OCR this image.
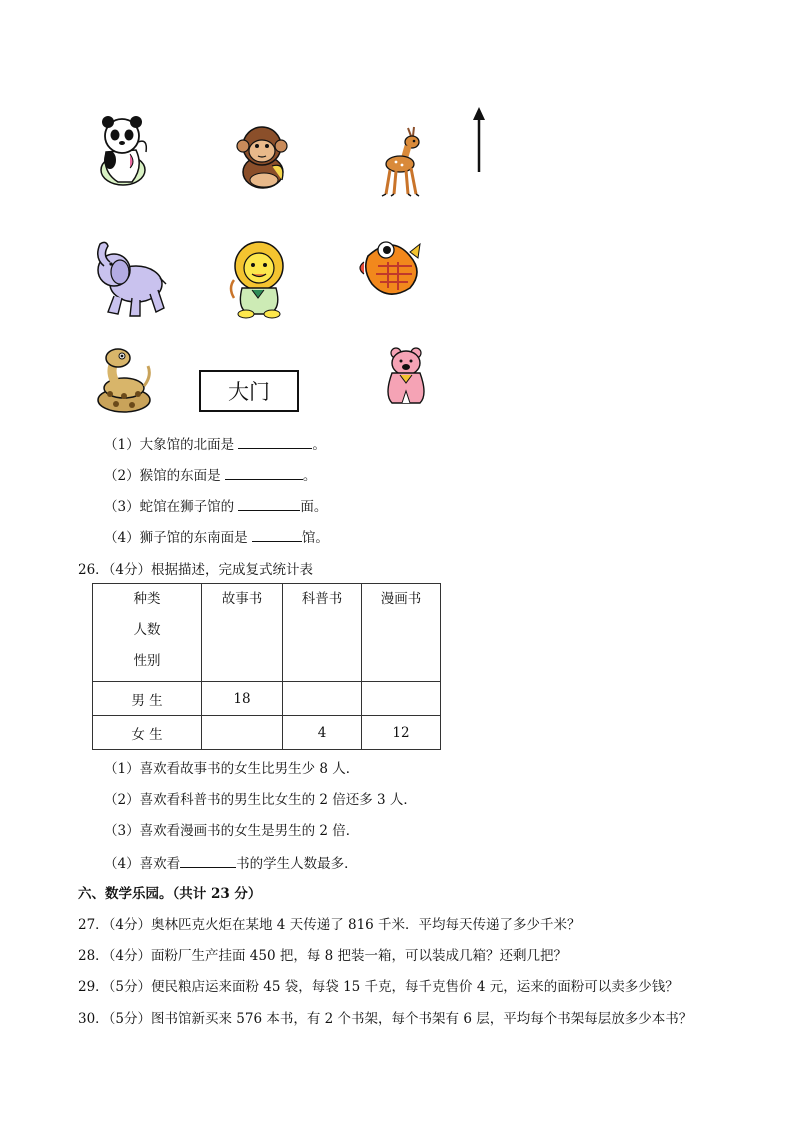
大门
（1）大象馆的北面是	。
（2）猴馆的东面是	。
（3）蛇馆在狮子馆的	面。
（4）狮子馆的东南面是	馆。
26．（4分）根据描述，完成复式统计表
种类
人数
性别	故事书	科普书	漫画书

男 生	18		
女 生		4	12
（1）喜欢看故事书的女生比男生少 8 人．
（2）喜欢看科普书的男生比女生的 2 倍还多 3 人．
（3）喜欢看漫画书的女生是男生的 2 倍．
（4）喜欢看	书的学生人数最多．
六、数学乐园。（共计 23 分）
27．（4分）奥林匹克火炬在某地 4 天传递了 816 千米．平均每天传递了多少千米？
28．（4分）面粉厂生产挂面 450 把，每 8 把装一箱，可以装成几箱？还剩几把？
29．（5分）便民粮店运来面粉 45 袋，每袋 15 千克，每千克售价 4 元，运来的面粉可以卖多少钱？
30．（5分）图书馆新买来 576 本书，有 2 个书架，每个书架有 6 层，平均每个书架每层放多少本书？
